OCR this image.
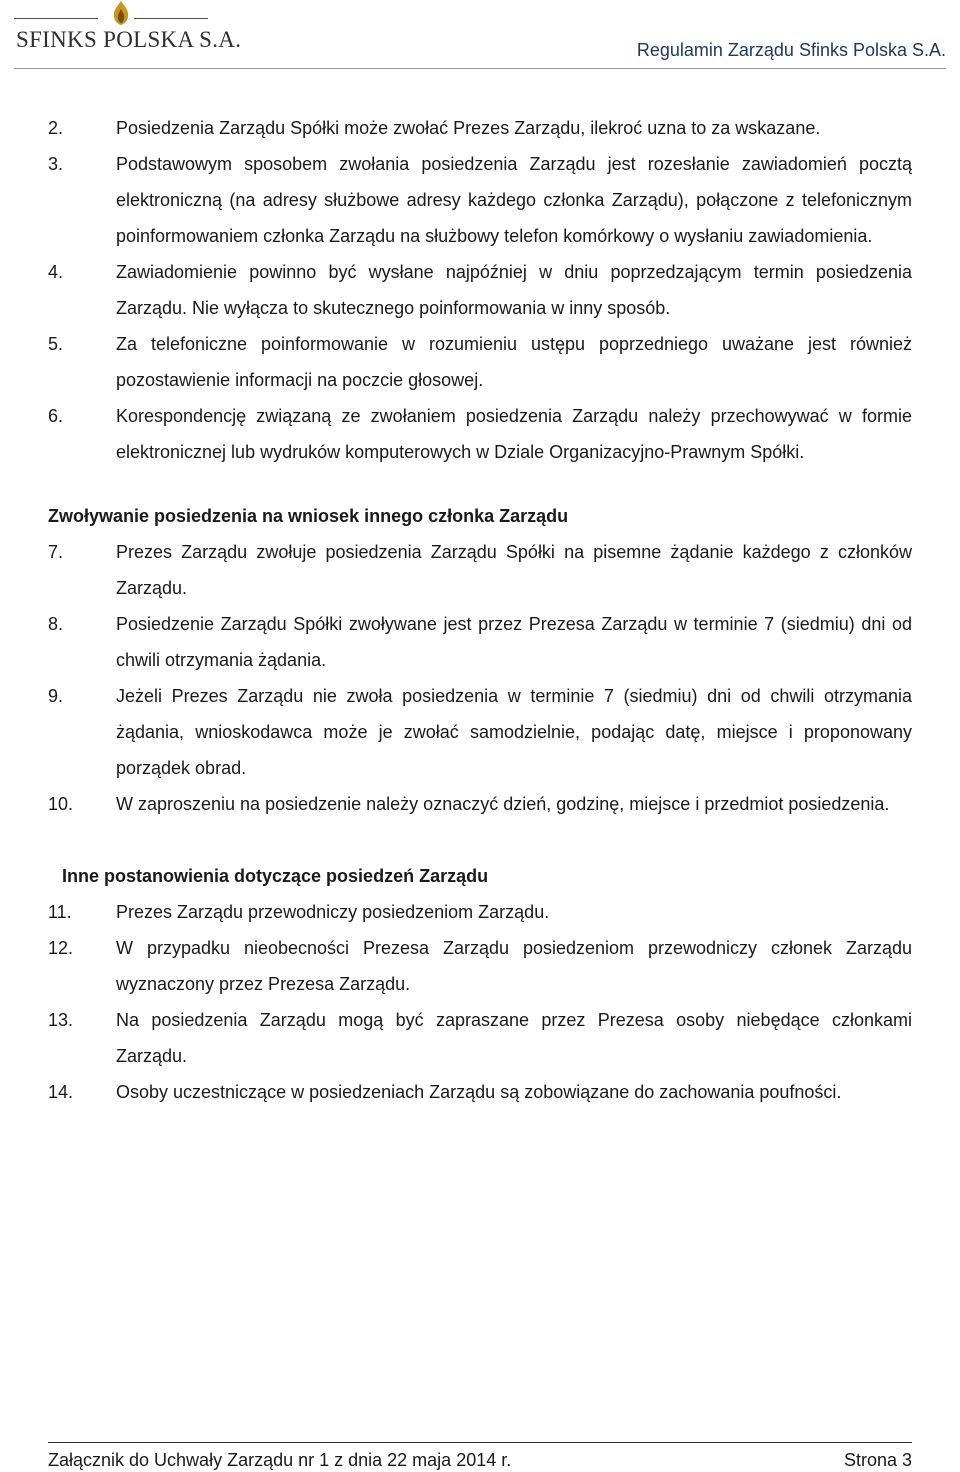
SFINKS POLSKA S.A.	Regulamin Zarządu Sfinks Polska S.A.
2.	Posiedzenia Zarządu Spółki może zwołać Prezes Zarządu, ilekroć uzna to za wskazane.
3.	Podstawowym sposobem zwołania posiedzenia Zarządu jest rozesłanie zawiadomień pocztą elektroniczną (na adresy służbowe adresy każdego członka Zarządu), połączone z telefonicznym poinformowaniem członka Zarządu na służbowy telefon komórkowy o wysłaniu zawiadomienia.
4.	Zawiadomienie powinno być wysłane najpóźniej w dniu poprzedzającym termin posiedzenia Zarządu. Nie wyłącza to skutecznego poinformowania w inny sposób.
5.	Za telefoniczne poinformowanie w rozumieniu ustępu poprzedniego uważane jest również pozostawienie informacji na poczcie głosowej.
6.	Korespondencję związaną ze zwołaniem posiedzenia Zarządu należy przechowywać w formie elektronicznej lub wydruków komputerowych w Dziale Organizacyjno-Prawnym Spółki.
Zwoływanie posiedzenia na wniosek innego członka Zarządu
7.	Prezes Zarządu zwołuje posiedzenia Zarządu Spółki na pisemne żądanie każdego z członków Zarządu.
8.	Posiedzenie Zarządu Spółki zwoływane jest przez Prezesa Zarządu w terminie 7 (siedmiu) dni od chwili otrzymania żądania.
9.	Jeżeli Prezes Zarządu nie zwoła posiedzenia w terminie 7 (siedmiu) dni od chwili otrzymania żądania, wnioskodawca może je zwołać samodzielnie, podając datę, miejsce i proponowany porządek obrad.
10. W zaproszeniu na posiedzenie należy oznaczyć dzień, godzinę, miejsce i przedmiot posiedzenia.
Inne postanowienia dotyczące posiedzeń Zarządu
11. Prezes Zarządu przewodniczy posiedzeniom Zarządu.
12. W przypadku nieobecności Prezesa Zarządu posiedzeniom przewodniczy członek Zarządu wyznaczony przez Prezesa Zarządu.
13. Na posiedzenia Zarządu mogą być zapraszane przez Prezesa osoby niebędące członkami Zarządu.
14. Osoby uczestniczące w posiedzeniach Zarządu są zobowiązane do zachowania poufności.
Załącznik do Uchwały Zarządu nr 1 z dnia 22 maja 2014 r.	Strona 3
